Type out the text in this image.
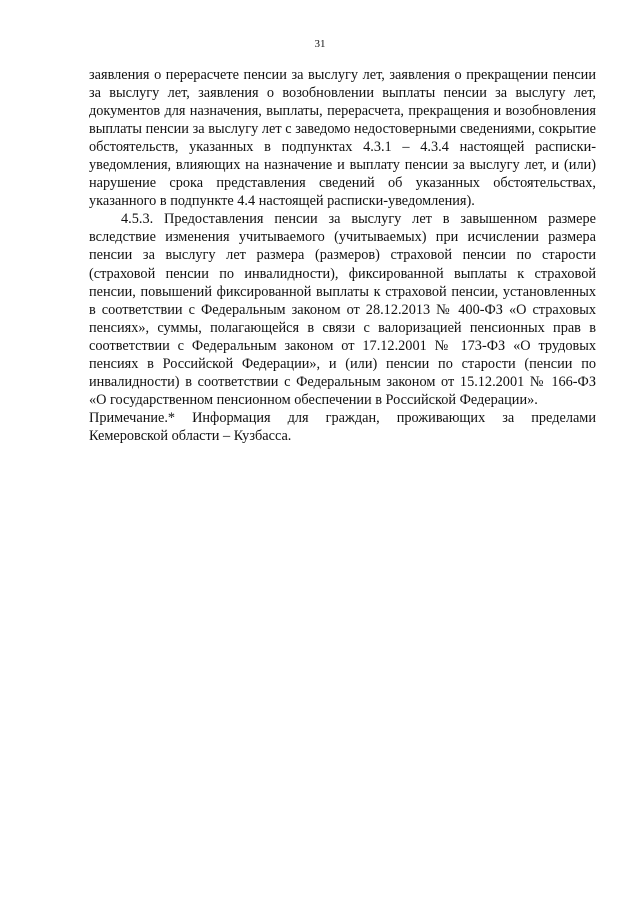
31

заявления о перерасчете пенсии за выслугу лет, заявления о прекращении пенсии за выслугу лет, заявления о возобновлении выплаты пенсии за выслугу лет, документов для назначения, выплаты, перерасчета, прекращения и возобновления выплаты пенсии за выслугу лет с заведомо недостоверными сведениями, сокрытие обстоятельств, указанных в подпунктах 4.3.1 – 4.3.4 настоящей расписки-уведомления, влияющих на назначение и выплату пенсии за выслугу лет, и (или) нарушение срока представления сведений об указанных обстоятельствах, указанного в подпункте 4.4 настоящей расписки-уведомления).

4.5.3. Предоставления пенсии за выслугу лет в завышенном размере вследствие изменения учитываемого (учитываемых) при исчислении размера пенсии за выслугу лет размера (размеров) страховой пенсии по старости (страховой пенсии по инвалидности), фиксированной выплаты к страховой пенсии, повышений фиксированной выплаты к страховой пенсии, установленных в соответствии с Федеральным законом от 28.12.2013 № 400-ФЗ «О страховых пенсиях», суммы, полагающейся в связи с валоризацией пенсионных прав в соответствии с Федеральным законом от 17.12.2001 № 173-ФЗ «О трудовых пенсиях в Российской Федерации», и (или) пенсии по старости (пенсии по инвалидности) в соответствии с Федеральным законом от 15.12.2001 № 166-ФЗ «О государственном пенсионном обеспечении в Российской Федерации».

Примечание.* Информация для граждан, проживающих за пределами Кемеровской области – Кузбасса.
